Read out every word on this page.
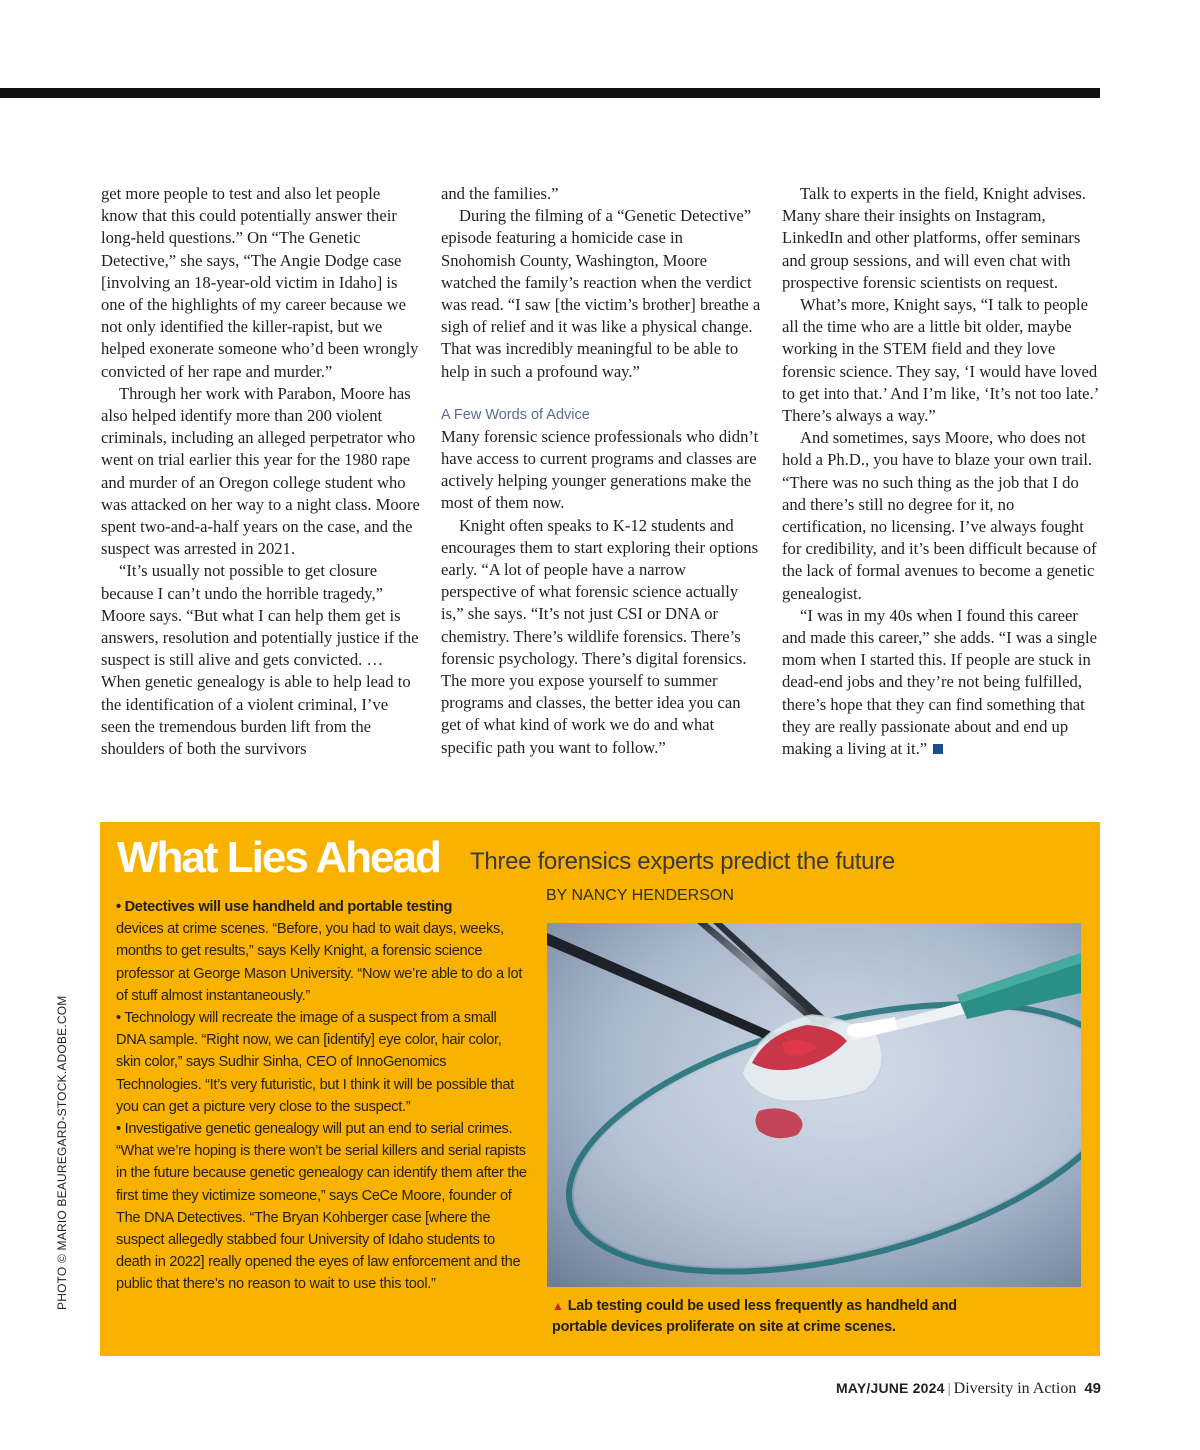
get more people to test and also let people know that this could potentially answer their long-held questions.” On “The Genetic Detective,” she says, “The Angie Dodge case [involving an 18-year-old victim in Idaho] is one of the highlights of my career because we not only identified the killer-rapist, but we helped exonerate someone who’d been wrongly convicted of her rape and murder.”

Through her work with Parabon, Moore has also helped identify more than 200 violent criminals, including an alleged perpetrator who went on trial earlier this year for the 1980 rape and murder of an Oregon college student who was attacked on her way to a night class. Moore spent two-and-a-half years on the case, and the suspect was arrested in 2021.

“It’s usually not possible to get closure because I can’t undo the horrible tragedy,” Moore says. “But what I can help them get is answers, resolution and potentially justice if the suspect is still alive and gets convicted. … When genetic genealogy is able to help lead to the identification of a violent criminal, I’ve seen the tremendous burden lift from the shoulders of both the survivors

and the families.”

During the filming of a “Genetic Detective” episode featuring a homicide case in Snohomish County, Washington, Moore watched the family’s reaction when the verdict was read. “I saw [the victim’s brother] breathe a sigh of relief and it was like a physical change. That was incredibly meaningful to be able to help in such a profound way.”

A Few Words of Advice

Many forensic science professionals who didn’t have access to current programs and classes are actively helping younger generations make the most of them now.

Knight often speaks to K-12 students and encourages them to start exploring their options early. “A lot of people have a narrow perspective of what forensic science actually is,” she says. “It’s not just CSI or DNA or chemistry. There’s wildlife forensics. There’s forensic psychology. There’s digital forensics. The more you expose yourself to summer programs and classes, the better idea you can get of what kind of work we do and what specific path you want to follow.”

Talk to experts in the field, Knight advises. Many share their insights on Instagram, LinkedIn and other platforms, offer seminars and group sessions, and will even chat with prospective forensic scientists on request.

What’s more, Knight says, “I talk to people all the time who are a little bit older, maybe working in the STEM field and they love forensic science. They say, ‘I would have loved to get into that.’ And I’m like, ‘It’s not too late.’ There’s always a way.”

And sometimes, says Moore, who does not hold a Ph.D., you have to blaze your own trail. “There was no such thing as the job that I do and there’s still no degree for it, no certification, no licensing. I’ve always fought for credibility, and it’s been difficult because of the lack of formal avenues to become a genetic genealogist.

“I was in my 40s when I found this career and made this career,” she adds. “I was a single mom when I started this. If people are stuck in dead-end jobs and they’re not being fulfilled, there’s hope that they can find something that they are really passionate about and end up making a living at it.”

What Lies Ahead Three forensics experts predict the future
BY NANCY HENDERSON

• Detectives will use handheld and portable testing
devices at crime scenes. “Before, you had to wait days, weeks, months to get results,” says Kelly Knight, a forensic science professor at George Mason University. “Now we’re able to do a lot of stuff almost instantaneously.”

• Technology will recreate the image of a suspect from a small DNA sample. “Right now, we can [identify] eye color, hair color, skin color,” says Sudhir Sinha, CEO of InnoGenomics Technologies. “It’s very futuristic, but I think it will be possible that you can get a picture very close to the suspect.”

• Investigative genetic genealogy will put an end to serial crimes. “What we’re hoping is there won’t be serial killers and serial rapists in the future because genetic genealogy can identify them after the first time they victimize someone,” says CeCe Moore, founder of The DNA Detectives. “The Bryan Kohberger case [where the suspect allegedly stabbed four University of Idaho students to death in 2022] really opened the eyes of law enforcement and the public that there’s no reason to wait to use this tool.”

▲ Lab testing could be used less frequently as handheld and portable devices proliferate on site at crime scenes.
PHOTO © MARIO BEAUREGARD-STOCK.ADOBE.COM
MAY/JUNE 2024 | Diversity in Action 49
